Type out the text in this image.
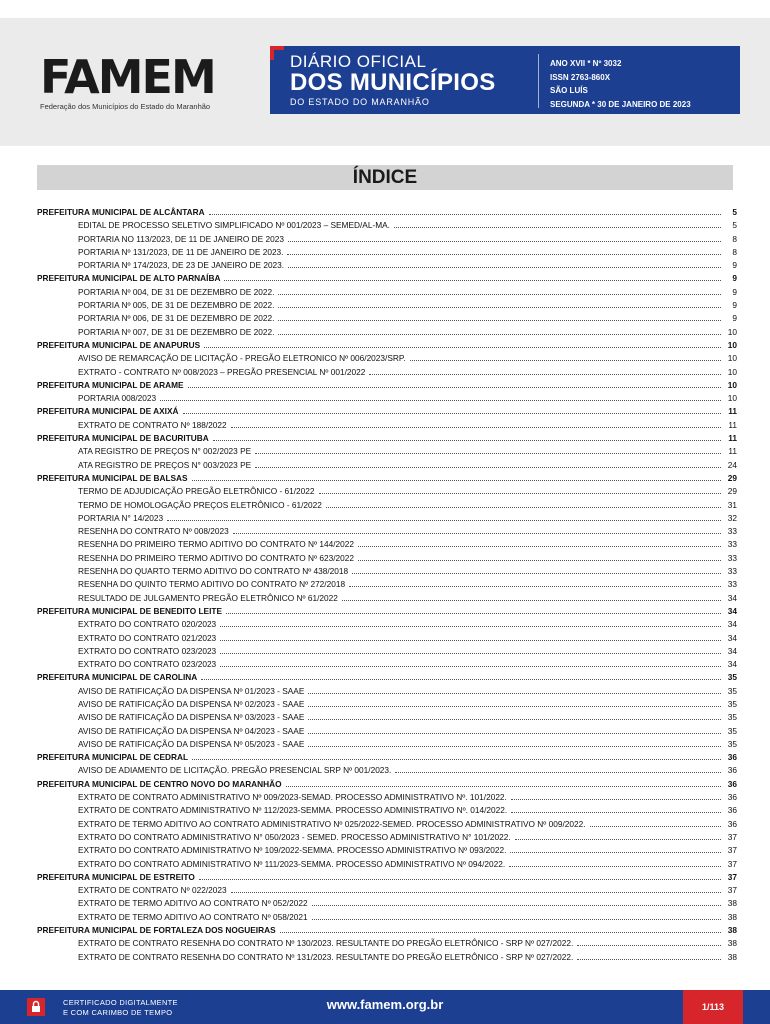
FAMEM
Federação dos Municípios do Estado do Maranhão
DIÁRIO OFICIAL
DOS MUNICÍPIOS
DO ESTADO DO MARANHÃO
ANO XVII * Nº 3032
ISSN 2763-860X
SÃO LUÍS
SEGUNDA * 30 DE JANEIRO DE 2023
ÍNDICE
PREFEITURA MUNICIPAL DE ALCÂNTARA	5
EDITAL DE PROCESSO SELETIVO SIMPLIFICADO Nº 001/2023 – SEMED/AL-MA.	5
PORTARIA NO 113/2023, DE 11 DE JANEIRO DE 2023	8
PORTARIA Nº 131/2023, DE 11 DE JANEIRO DE 2023.	8
PORTARIA Nº 174/2023, DE 23 DE JANEIRO DE 2023.	9
PREFEITURA MUNICIPAL DE ALTO PARNAÍBA	9
PORTARIA Nº 004, DE 31 DE DEZEMBRO DE 2022.	9
PORTARIA Nº 005, DE 31 DE DEZEMBRO DE 2022.	9
PORTARIA Nº 006, DE 31 DE DEZEMBRO DE 2022.	9
PORTARIA Nº 007, DE 31 DE DEZEMBRO DE 2022.	10
PREFEITURA MUNICIPAL DE ANAPURUS	10
AVISO DE REMARCAÇÃO DE LICITAÇÃO - PREGÃO ELETRONICO Nº 006/2023/SRP.	10
EXTRATO - CONTRATO Nº 008/2023 – PREGÃO PRESENCIAL Nº 001/2022	10
PREFEITURA MUNICIPAL DE ARAME	10
PORTARIA 008/2023	10
PREFEITURA MUNICIPAL DE AXIXÁ	11
EXTRATO DE CONTRATO Nº 188/2022	11
PREFEITURA MUNICIPAL DE BACURITUBA	11
ATA REGISTRO DE PREÇOS N° 002/2023 PE	11
ATA REGISTRO DE PREÇOS N° 003/2023 PE	24
PREFEITURA MUNICIPAL DE BALSAS	29
TERMO DE ADJUDICAÇÃO PREGÃO ELETRÔNICO - 61/2022	29
TERMO DE HOMOLOGAÇÃO PREÇOS ELETRÔNICO - 61/2022	31
PORTARIA N° 14/2023	32
RESENHA DO CONTRATO Nº 008/2023	33
RESENHA DO PRIMEIRO TERMO ADITIVO DO CONTRATO Nº 144/2022	33
RESENHA DO PRIMEIRO TERMO ADITIVO DO CONTRATO Nº 623/2022	33
RESENHA DO QUARTO TERMO ADITIVO DO CONTRATO Nº 438/2018	33
RESENHA DO QUINTO TERMO ADITIVO DO CONTRATO Nº 272/2018	33
RESULTADO DE JULGAMENTO PREGÃO ELETRÔNICO Nº 61/2022	34
PREFEITURA MUNICIPAL DE BENEDITO LEITE	34
EXTRATO DO CONTRATO 020/2023	34
EXTRATO DO CONTRATO 021/2023	34
EXTRATO DO CONTRATO 023/2023	34
EXTRATO DO CONTRATO 023/2023	34
PREFEITURA MUNICIPAL DE CAROLINA	35
AVISO DE RATIFICAÇÃO DA DISPENSA Nº 01/2023 - SAAE	35
AVISO DE RATIFICAÇÃO DA DISPENSA Nº 02/2023 - SAAE	35
AVISO DE RATIFICAÇÃO DA DISPENSA Nº 03/2023 - SAAE	35
AVISO DE RATIFICAÇÃO DA DISPENSA Nº 04/2023 - SAAE	35
AVISO DE RATIFICAÇÃO DA DISPENSA Nº 05/2023 - SAAE	35
PREFEITURA MUNICIPAL DE CEDRAL	36
AVISO DE ADIAMENTO DE LICITAÇÃO. PREGÃO PRESENCIAL SRP Nº 001/2023.	36
PREFEITURA MUNICIPAL DE CENTRO NOVO DO MARANHÃO	36
EXTRATO DE CONTRATO ADMINISTRATIVO Nº 009/2023-SEMAD. PROCESSO ADMINISTRATIVO Nº. 101/2022.	36
EXTRATO DE CONTRATO ADMINISTRATIVO Nº 112/2023-SEMMA. PROCESSO ADMINISTRATIVO Nº. 014/2022.	36
EXTRATO DE TERMO ADITIVO AO CONTRATO ADMINISTRATIVO Nº 025/2022-SEMED. PROCESSO ADMINISTRATIVO Nº 009/2022.	36
EXTRATO DO CONTRATO ADMINISTRATIVO N° 050/2023 - SEMED. PROCESSO ADMINISTRATIVO N° 101/2022.	37
EXTRATO DO CONTRATO ADMINISTRATIVO Nº 109/2022-SEMMA. PROCESSO ADMINISTRATIVO Nº 093/2022.	37
EXTRATO DO CONTRATO ADMINISTRATIVO Nº 111/2023-SEMMA. PROCESSO ADMINISTRATIVO Nº 094/2022.	37
PREFEITURA MUNICIPAL DE ESTREITO	37
EXTRATO DE CONTRATO Nº 022/2023	37
EXTRATO DE TERMO ADITIVO AO CONTRATO Nº 052/2022	38
EXTRATO DE TERMO ADITIVO AO CONTRATO Nº 058/2021	38
PREFEITURA MUNICIPAL DE FORTALEZA DOS NOGUEIRAS	38
EXTRATO DE CONTRATO RESENHA DO CONTRATO Nº 130/2023. RESULTANTE DO PREGÃO ELETRÔNICO - SRP Nº 027/2022.	38
EXTRATO DE CONTRATO RESENHA DO CONTRATO Nº 131/2023. RESULTANTE DO PREGÃO ELETRÔNICO - SRP Nº 027/2022.	38
CERTIFICADO DIGITALMENTE
E COM CARIMBO DE TEMPO	www.famem.org.br	1/113
